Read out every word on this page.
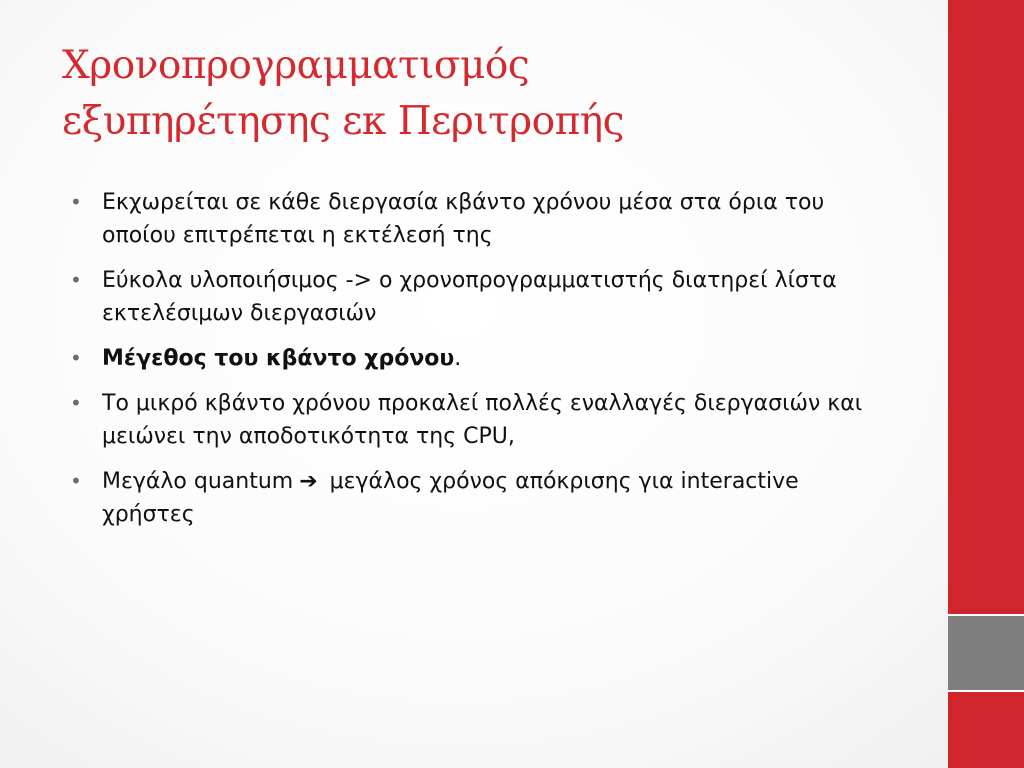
Χρονοπρογραμματισμός
εξυπηρέτησης εκ Περιτροπής
• Εκχωρείται σε κάθε διεργασία κβάντο χρόνου μέσα στα όρια του οποίου επιτρέπεται η εκτέλεσή της
• Εύκολα υλοποιήσιμος -> ο χρονοπρογραμματιστής διατηρεί λίστα εκτελέσιμων διεργασιών
• Μέγεθος του κβάντο χρόνου.
• Το μικρό κβάντο χρόνου προκαλεί πολλές εναλλαγές διεργασιών και μειώνει την αποδοτικότητα της CPU,
• Μεγάλο quantum ➔ μεγάλος χρόνος απόκρισης για interactive χρήστες
